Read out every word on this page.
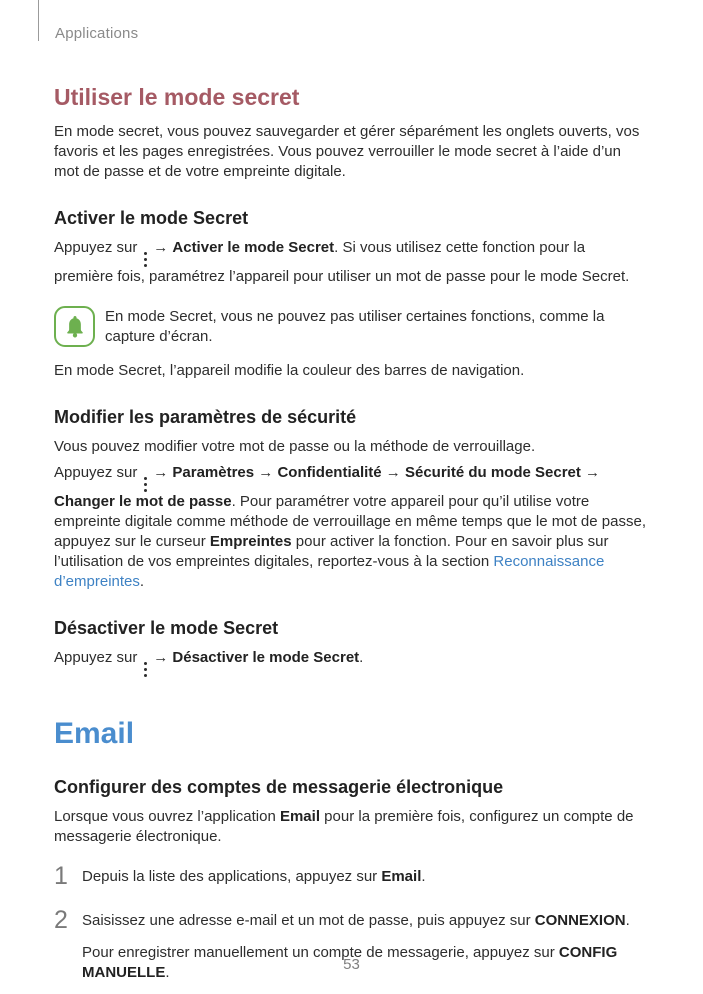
Applications
Utiliser le mode secret

En mode secret, vous pouvez sauvegarder et gérer séparément les onglets ouverts, vos favoris et les pages enregistrées. Vous pouvez verrouiller le mode secret à l’aide d’un mot de passe et de votre empreinte digitale.

Activer le mode Secret

Appuyez sur
→ Activer le mode Secret. Si vous utilisez cette fonction pour la première fois, paramétrez l’appareil pour utiliser un mot de passe pour le mode Secret.

En mode Secret, vous ne pouvez pas utiliser certaines fonctions, comme la capture d’écran.

En mode Secret, l’appareil modifie la couleur des barres de navigation.

Modifier les paramètres de sécurité

Vous pouvez modifier votre mot de passe ou la méthode de verrouillage.

Appuyez sur
→ Paramètres → Confidentialité → Sécurité du mode Secret → Changer le mot de passe. Pour paramétrer votre appareil pour qu’il utilise votre empreinte digitale comme méthode de verrouillage en même temps que le mot de passe, appuyez sur le curseur Empreintes pour activer la fonction. Pour en savoir plus sur l’utilisation de vos empreintes digitales, reportez-vous à la section Reconnaissance d’empreintes.

Désactiver le mode Secret

Appuyez sur
→ Désactiver le mode Secret.

Email
Configurer des comptes de messagerie électronique

Lorsque vous ouvrez l’application Email pour la première fois, configurez un compte de messagerie électronique.

1 Depuis la liste des applications, appuyez sur Email.

2 Saisissez une adresse e-mail et un mot de passe, puis appuyez sur CONNEXION.

Pour enregistrer manuellement un compte de messagerie, appuyez sur CONFIG MANUELLE.	53
